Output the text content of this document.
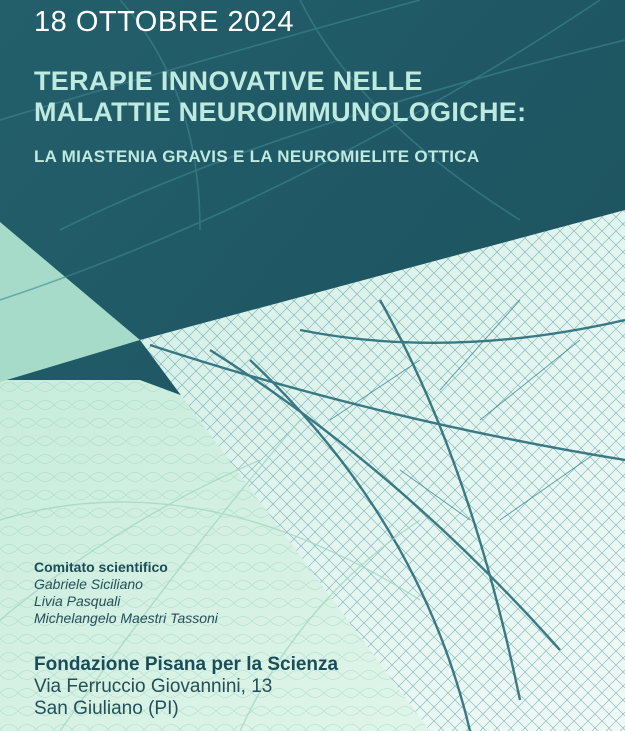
18 OTTOBRE 2024
TERAPIE INNOVATIVE NELLE
MALATTIE NEUROIMMUNOLOGICHE:
LA MIASTENIA GRAVIS E LA NEUROMIELITE OTTICA
Comitato scientifico
Gabriele Siciliano
Livia Pasquali
Michelangelo Maestri Tassoni
Fondazione Pisana per la Scienza
Via Ferruccio Giovannini, 13
San Giuliano (PI)
